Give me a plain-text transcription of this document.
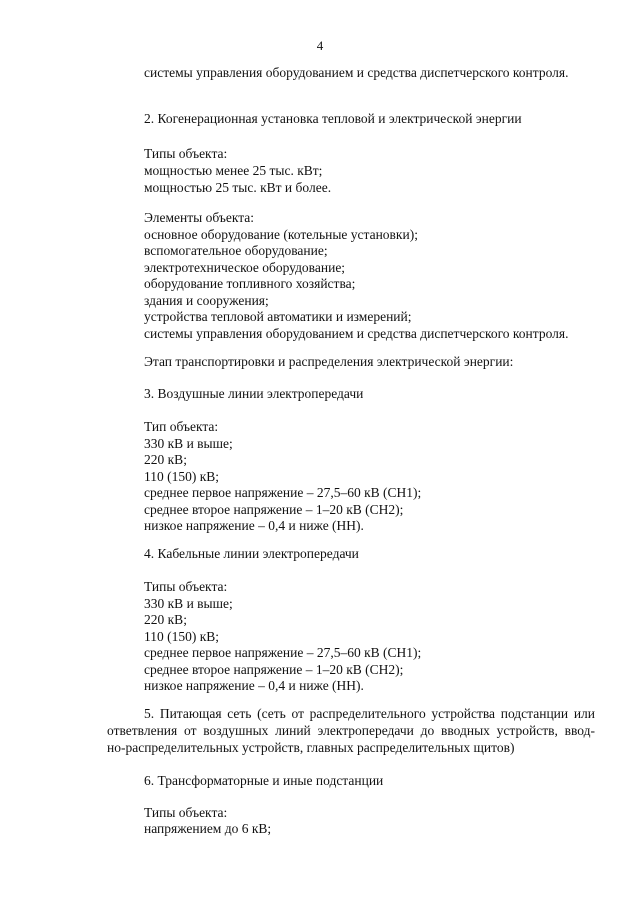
4
системы управления оборудованием и средства диспетчерского контроля.
2. Когенерационная установка тепловой и электрической энергии
Типы объекта:
мощностью менее 25 тыс. кВт;
мощностью 25 тыс. кВт и более.
Элементы объекта:
основное оборудование (котельные установки);
вспомогательное оборудование;
электротехническое оборудование;
оборудование топливного хозяйства;
здания и сооружения;
устройства тепловой автоматики и измерений;
системы управления оборудованием и средства диспетчерского контроля.
Этап транспортировки и распределения электрической энергии:
3. Воздушные линии электропередачи
Тип объекта:
330 кВ и выше;
220 кВ;
110 (150) кВ;
среднее первое напряжение – 27,5–60 кВ (СН1);
среднее второе напряжение – 1–20 кВ (СН2);
низкое напряжение – 0,4 и ниже (НН).
4. Кабельные линии электропередачи
Типы объекта:
330 кВ и выше;
220 кВ;
110 (150) кВ;
среднее первое напряжение – 27,5–60 кВ (СН1);
среднее второе напряжение – 1–20 кВ (СН2);
низкое напряжение – 0,4 и ниже (НН).
5. Питающая сеть (сеть от распределительного устройства подстанции или
ответвления от воздушных линий электропередачи до вводных устройств, ввод-
но-распределительных устройств, главных распределительных щитов)
6. Трансформаторные и иные подстанции
Типы объекта:
напряжением до 6 кВ;
